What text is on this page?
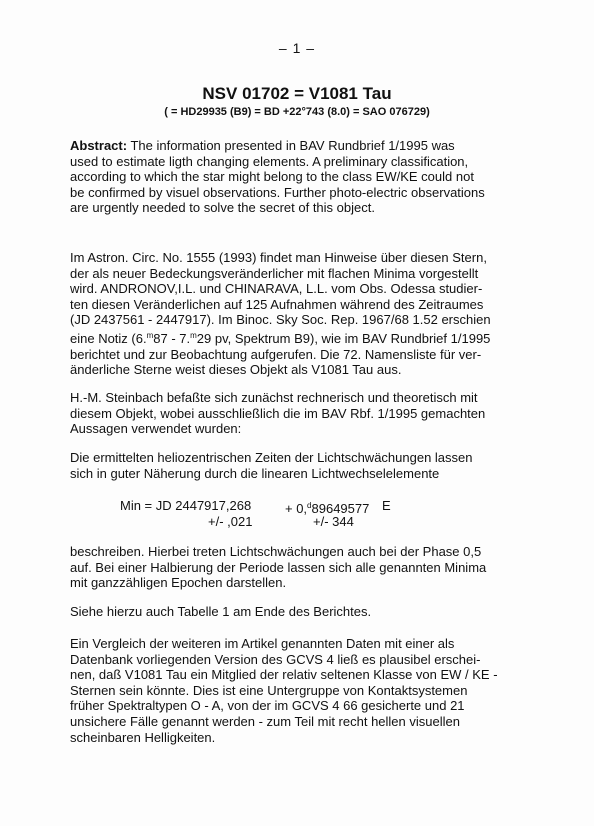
– 1 –
NSV 01702 = V1081 Tau
( = HD29935 (B9) = BD +22°743 (8.0) = SAO 076729)
Abstract: The information presented in BAV Rundbrief 1/1995 was
used to estimate ligth changing elements. A preliminary classification,
according to which the star might belong to the class EW/KE could not
be confirmed by visuel observations. Further photo-electric observations
are urgently needed to solve the secret of this object.
Im Astron. Circ. No. 1555 (1993) findet man Hinweise über diesen Stern,
der als neuer Bedeckungsveränderlicher mit flachen Minima vorgestellt
wird. ANDRONOV,I.L. und CHINARAVA, L.L. vom Obs. Odessa studier-
ten diesen Veränderlichen auf 125 Aufnahmen während des Zeitraumes
(JD 2437561 - 2447917). Im Binoc. Sky Soc. Rep. 1967/68 1.52 erschien
eine Notiz (6.$^m$87 - 7.$^m$29 pv, Spektrum B9), wie im BAV Rundbrief 1/1995
berichtet und zur Beobachtung aufgerufen. Die 72. Namensliste für ver-
änderliche Sterne weist dieses Objekt als V1081 Tau aus.
H.-M. Steinbach befaßte sich zunächst rechnerisch und theoretisch mit
diesem Objekt, wobei ausschließlich die im BAV Rbf. 1/1995 gemachten
Aussagen verwendet wurden:
Die ermittelten heliozentrischen Zeiten der Lichtschwächungen lassen
sich in guter Näherung durch die linearen Lichtwechselelemente
Min = JD 2447917,268	+ 0,$^d$89649577 E
+/- ,021	+/- 344
beschreiben. Hierbei treten Lichtschwächungen auch bei der Phase 0,5
auf. Bei einer Halbierung der Periode lassen sich alle genannten Minima
mit ganzzähligen Epochen darstellen.
Siehe hierzu auch Tabelle 1 am Ende des Berichtes.
Ein Vergleich der weiteren im Artikel genannten Daten mit einer als
Datenbank vorliegenden Version des GCVS 4 ließ es plausibel erschei-
nen, daß V1081 Tau ein Mitglied der relativ seltenen Klasse von EW / KE -
Sternen sein könnte. Dies ist eine Untergruppe von Kontaktsystemen
früher Spektraltypen O - A, von der im GCVS 4 66 gesicherte und 21
unsichere Fälle genannt werden - zum Teil mit recht hellen visuellen
scheinbaren Helligkeiten.
